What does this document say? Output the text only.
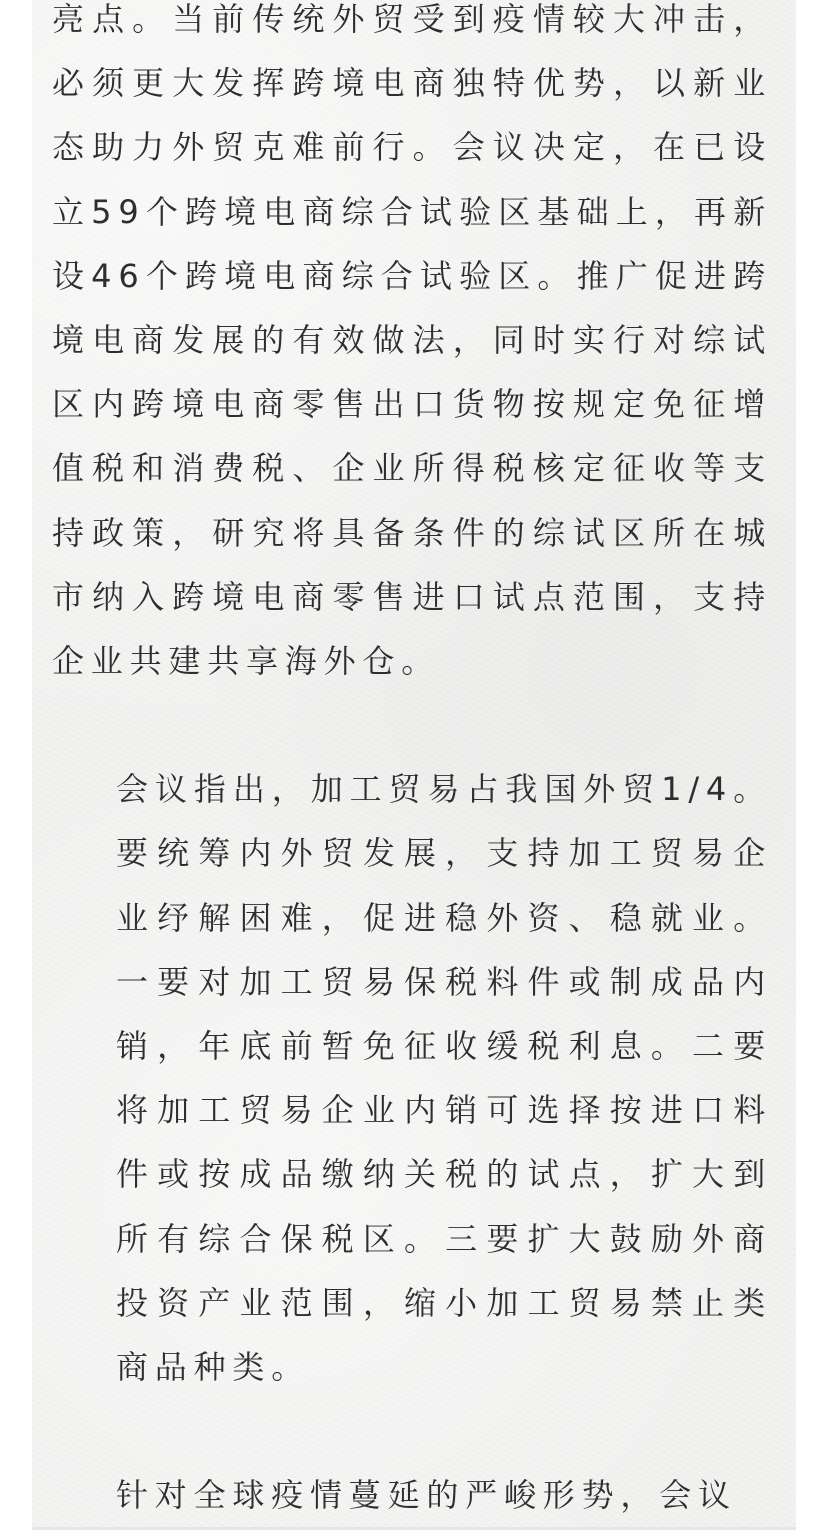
亮点。当前传统外贸受到疫情较大冲击，必须更大发挥跨境电商独特优势，以新业态助力外贸克难前行。会议决定，在已设立59个跨境电商综合试验区基础上，再新设46个跨境电商综合试验区。推广促进跨境电商发展的有效做法，同时实行对综试区内跨境电商零售出口货物按规定免征增值税和消费税、企业所得税核定征收等支持政策，研究将具备条件的综试区所在城市纳入跨境电商零售进口试点范围，支持企业共建共享海外仓。

会议指出，加工贸易占我国外贸1/4。要统筹内外贸发展，支持加工贸易企业纾解困难，促进稳外资、稳就业。一要对加工贸易保税料件或制成品内销，年底前暂免征收缓税利息。二要将加工贸易企业内销可选择按进口料件或按成品缴纳关税的试点，扩大到所有综合保税区。三要扩大鼓励外商投资产业范围，缩小加工贸易禁止类商品种类。

针对全球疫情蔓延的严峻形势，会议
